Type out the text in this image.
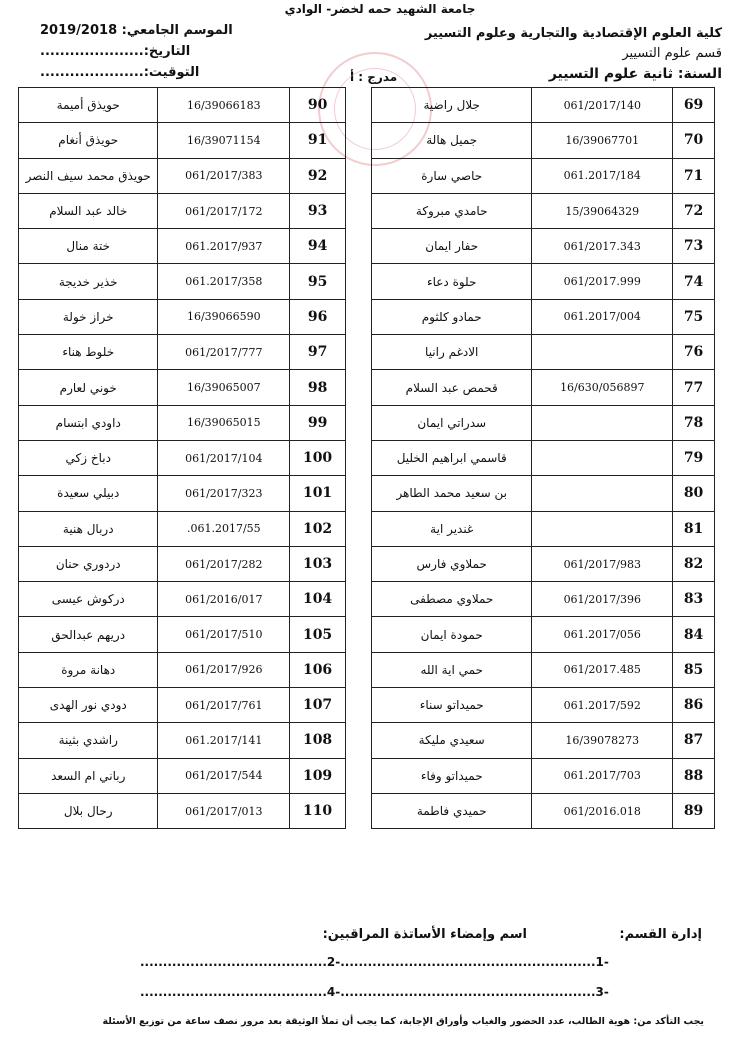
جامعة الشهيد حمه لخضر- الوادي
كلية العلوم الإقتصادية والتجارية وعلوم التسيير
قسم علوم التسيير
السنة: ثانية علوم التسيير
مدرج : أ
الموسم الجامعي: 2019/2018
التاريخ:.....................
التوقيت:.....................
69	061/2017/140	جلال راضية
70	16/39067701	جميل هالة
71	061.2017/184	حاصي سارة
72	15/39064329	حامدي مبروكة
73	061/2017.343	حفار ايمان
74	061/2017.999	حلوة دعاء
75	061.2017/004	حمادو كلثوم
76		الادغم رانيا
77	16/630/056897	قحمص عبد السلام
78		سدراتي ايمان
79		قاسمي ابراهيم الخليل
80		بن سعيد محمد الطاهر
81		غندير اية
82	061/2017/983	حملاوي فارس
83	061/2017/396	حملاوي مصطفى
84	061.2017/056	حمودة ايمان
85	061/2017.485	حمي اية الله
86	061.2017/592	حميداتو سناء
87	16/39078273	سعيدي مليكة
88	061.2017/703	حميداتو وفاء
89	061/2016.018	حميدي فاطمة
90	16/39066183	حويذق أميمة
91	16/39071154	حويذق أنغام
92	061/2017/383	حويذق محمد سيف النصر
93	061/2017/172	خالد عبد السلام
94	061.2017/937	ختة منال
95	061.2017/358	خذير خديجة
96	16/39066590	خراز خولة
97	061/2017/777	خلوط هناء
98	16/39065007	خوني لعارم
99	16/39065015	داودي ابتسام
100	061/2017/104	دباخ زكي
101	061/2017/323	دبيلي سعيدة
102	061.2017/55.	دربال هنية
103	061/2017/282	دردوري حنان
104	061/2016/017	دركوش عيسى
105	061/2017/510	دريهم عبدالحق
106	061/2017/926	دهانة مروة
107	061/2017/761	دودي نور الهدى
108	061.2017/141	راشدي بثينة
109	061/2017/544	رباني ام السعد
110	061/2017/013	رحال بلال
إدارة القسم:
اسم وإمضاء الأساتذة المراقبين:
-1........................................................-2.........................................
-3........................................................-4.........................................
يجب التأكد من: هوية الطالب، عدد الحضور والغياب وأوراق الإجابة، كما يجب أن تملأ الوثيقة بعد مرور نصف ساعة من توزيع الأسئلة
